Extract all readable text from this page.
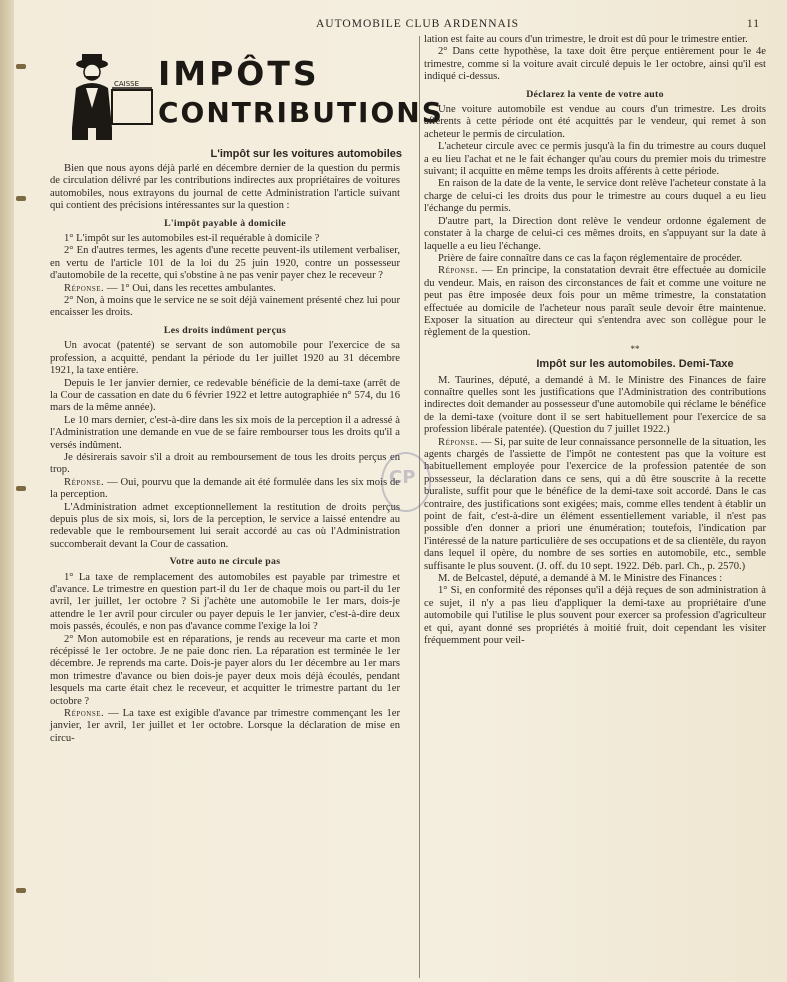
AUTOMOBILE CLUB ARDENNAIS	11
CAISSE IMPÔTS
CONTRIBUTIONS
L'impôt sur les voitures automobiles

Bien que nous ayons déjà parlé en décembre dernier de la question du permis de circulation délivré par les contributions indirectes aux propriétaires de voitures automobiles, nous extrayons du journal de cette Administration l'article suivant qui contient des précisions intéressantes sur la question :

L'impôt payable à domicile

1° L'impôt sur les automobiles est-il requérable à domicile ?

2° En d'autres termes, les agents d'une recette peuvent-ils utilement verbaliser, en vertu de l'article 101 de la loi du 25 juin 1920, contre un possesseur d'automobile de la recette, qui s'obstine à ne pas venir payer chez le receveur ?

Réponse. — 1° Oui, dans les recettes ambulantes.

2° Non, à moins que le service ne se soit déjà vainement présenté chez lui pour encaisser les droits.

Les droits indûment perçus

Un avocat (patenté) se servant de son automobile pour l'exercice de sa profession, a acquitté, pendant la période du 1er juillet 1920 au 31 décembre 1921, la taxe entière.

Depuis le 1er janvier dernier, ce redevable bénéficie de la demi-taxe (arrêt de la Cour de cassation en date du 6 février 1922 et lettre autographiée n° 574, du 16 mars de la même année).

Le 10 mars dernier, c'est-à-dire dans les six mois de la perception il a adressé à l'Administration une demande en vue de se faire rembourser tous les droits qu'il a versés indûment.

Je désirerais savoir s'il a droit au remboursement de tous les droits perçus en trop.

Réponse. — Oui, pourvu que la demande ait été formulée dans les six mois de la perception.

L'Administration admet exceptionnellement la restitution de droits perçus depuis plus de six mois, si, lors de la perception, le service a laissé entendre au redevable que le remboursement lui serait accordé au cas où l'Administration succomberait devant la Cour de cassation.

Votre auto ne circule pas

1° La taxe de remplacement des automobiles est payable par trimestre et d'avance. Le trimestre en question part-il du 1er de chaque mois ou part-il du 1er avril, 1er juillet, 1er octobre ? Si j'achète une automobile le 1er mars, dois-je attendre le 1er avril pour circuler ou payer depuis le 1er janvier, c'est-à-dire deux mois passés, écoulés, e non pas d'avance comme l'exige la loi ?

2° Mon automobile est en réparations, je rends au receveur ma carte et mon récépissé le 1er octobre. Je ne paie donc rien. La réparation est terminée le 1er décembre. Je reprends ma carte. Dois-je payer alors du 1er décembre au 1er mars mon trimestre d'avance ou bien dois-je payer deux mois déjà écoulés, pendant lesquels ma carte était chez le receveur, et acquitter le trimestre partant du 1er octobre ?

Réponse. — La taxe est exigible d'avance par trimestre commençant les 1er janvier, 1er avril, 1er juillet et 1er octobre. Lorsque la déclaration de mise en circu-

lation est faite au cours d'un trimestre, le droit est dû pour le trimestre entier.

2° Dans cette hypothèse, la taxe doit être perçue entièrement pour le 4e trimestre, comme si la voiture avait circulé depuis le 1er octobre, ainsi qu'il est indiqué ci-dessus.

Déclarez la vente de votre auto

Une voiture automobile est vendue au cours d'un trimestre. Les droits afférents à cette période ont été acquittés par le vendeur, qui remet à son acheteur le permis de circulation.

L'acheteur circule avec ce permis jusqu'à la fin du trimestre au cours duquel a eu lieu l'achat et ne le fait échanger qu'au cours du premier mois du trimestre suivant; il acquitte en même temps les droits afférents à cette période.

En raison de la date de la vente, le service dont relève l'acheteur constate à la charge de celui-ci les droits dus pour le trimestre au cours duquel a eu lieu l'échange du permis.

D'autre part, la Direction dont relève le vendeur ordonne également de constater à la charge de celui-ci ces mêmes droits, en s'appuyant sur la date à laquelle a eu lieu l'échange.

Prière de faire connaître dans ce cas la façon réglementaire de procéder.

Réponse. — En principe, la constatation devrait être effectuée au domicile du vendeur. Mais, en raison des circonstances de fait et comme une voiture ne peut pas être imposée deux fois pour un même trimestre, la constatation effectuée au domicile de l'acheteur nous paraît seule devoir être maintenue. Exposer la situation au directeur qui s'entendra avec son collègue pour le règlement de la question.

**
Impôt sur les automobiles. Demi-Taxe

M. Taurines, député, a demandé à M. le Ministre des Finances de faire connaître quelles sont les justifications que l'Administration des contributions indirectes doit demander au possesseur d'une automobile qui réclame le bénéfice de la demi-taxe (voiture dont il se sert habituellement pour l'exercice de sa profession libérale patentée). (Question du 7 juillet 1922.)

Réponse. — Si, par suite de leur connaissance personnelle de la situation, les agents chargés de l'assiette de l'impôt ne contestent pas que la voiture est habituellement employée pour l'exercice de la profession patentée de son possesseur, la déclaration dans ce sens, qui a dû être souscrite à la recette buraliste, suffit pour que le bénéfice de la demi-taxe soit accordé. Dans le cas contraire, des justifications sont exigées; mais, comme elles tendent à établir un point de fait, c'est-à-dire un élément essentiellement variable, il n'est pas possible d'en donner a priori une énumération; toutefois, l'indication par l'intéressé de la nature particulière de ses occupations et de sa clientèle, du rayon dans lequel il opère, du nombre de ses sorties en automobile, etc., semble suffisante le plus souvent. (J. off. du 10 sept. 1922. Déb. parl. Ch., p. 2570.)

M. de Belcastel, député, a demandé à M. le Ministre des Finances :

1° Si, en conformité des réponses qu'il a déjà reçues de son administration à ce sujet, il n'y a pas lieu d'appliquer la demi-taxe au propriétaire d'une automobile qui l'utilise le plus souvent pour exercer sa profession d'agriculteur et qui, ayant donné ses propriétés à moitié fruit, doit cependant les visiter fréquemment pour veil-

CP
